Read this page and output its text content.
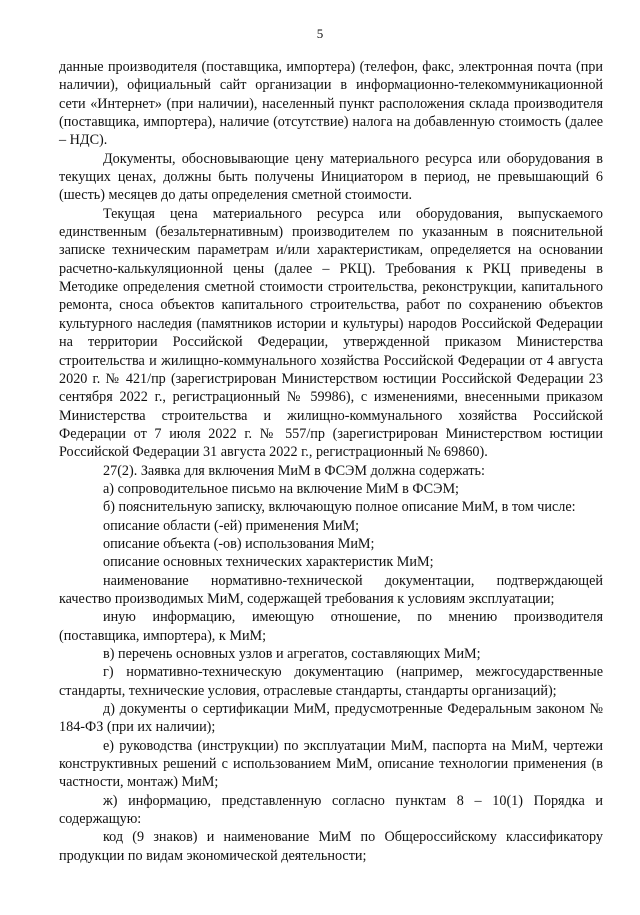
5

данные производителя (поставщика, импортера) (телефон, факс, электронная почта (при наличии), официальный сайт организации в информационно-телекоммуникационной сети «Интернет» (при наличии), населенный пункт расположения склада производителя (поставщика, импортера), наличие (отсутствие) налога на добавленную стоимость (далее – НДС).

Документы, обосновывающие цену материального ресурса или оборудования в текущих ценах, должны быть получены Инициатором в период, не превышающий 6 (шесть) месяцев до даты определения сметной стоимости.

Текущая цена материального ресурса или оборудования, выпускаемого единственным (безальтернативным) производителем по указанным в пояснительной записке техническим параметрам и/или характеристикам, определяется на основании расчетно-калькуляционной цены (далее – РКЦ). Требования к РКЦ приведены в Методике определения сметной стоимости строительства, реконструкции, капитального ремонта, сноса объектов капитального строительства, работ по сохранению объектов культурного наследия (памятников истории и культуры) народов Российской Федерации на территории Российской Федерации, утвержденной приказом Министерства строительства и жилищно-коммунального хозяйства Российской Федерации от 4 августа 2020 г. № 421/пр (зарегистрирован Министерством юстиции Российской Федерации 23 сентября 2022 г., регистрационный № 59986), с изменениями, внесенными приказом Министерства строительства и жилищно-коммунального хозяйства Российской Федерации от 7 июля 2022 г. № 557/пр (зарегистрирован Министерством юстиции Российской Федерации 31 августа 2022 г., регистрационный № 69860).

27(2). Заявка для включения МиМ в ФСЭМ должна содержать:

а) сопроводительное письмо на включение МиМ в ФСЭМ;

б) пояснительную записку, включающую полное описание МиМ, в том числе:

описание области (-ей) применения МиМ;

описание объекта (-ов) использования МиМ;

описание основных технических характеристик МиМ;

наименование нормативно-технической документации, подтверждающей качество производимых МиМ, содержащей требования к условиям эксплуатации;

иную информацию, имеющую отношение, по мнению производителя (поставщика, импортера), к МиМ;

в) перечень основных узлов и агрегатов, составляющих МиМ;

г) нормативно-техническую документацию (например, межгосударственные стандарты, технические условия, отраслевые стандарты, стандарты организаций);

д) документы о сертификации МиМ, предусмотренные Федеральным законом № 184-ФЗ (при их наличии);

е) руководства (инструкции) по эксплуатации МиМ, паспорта на МиМ, чертежи конструктивных решений с использованием МиМ, описание технологии применения (в частности, монтаж) МиМ;

ж) информацию, представленную согласно пунктам 8 – 10(1) Порядка и содержащую:

код (9 знаков) и наименование МиМ по Общероссийскому классификатору продукции по видам экономической деятельности;
